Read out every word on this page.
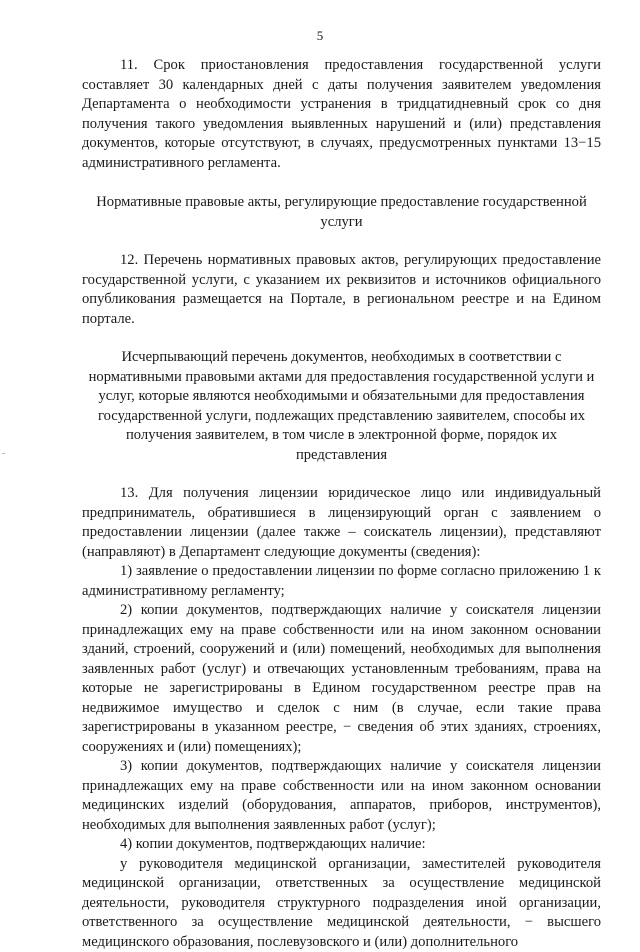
5

11. Срок приостановления предоставления государственной услуги составляет 30 календарных дней с даты получения заявителем уведомления Департамента о необходимости устранения в тридцатидневный срок со дня получения такого уведомления выявленных нарушений и (или) представления документов, которые отсутствуют, в случаях, предусмотренных пунктами 13−15 административного регламента.

Нормативные правовые акты, регулирующие предоставление государственной услуги

12. Перечень нормативных правовых актов, регулирующих предоставление государственной услуги, с указанием их реквизитов и источников официального опубликования размещается на Портале, в региональном реестре и на Едином портале.

Исчерпывающий перечень документов, необходимых в соответствии с нормативными правовыми актами для предоставления государственной услуги и услуг, которые являются необходимыми и обязательными для предоставления государственной услуги, подлежащих представлению заявителем, способы их получения заявителем, в том числе в электронной форме, порядок их представления

13. Для получения лицензии юридическое лицо или индивидуальный предприниматель, обратившиеся в лицензирующий орган с заявлением о предоставлении лицензии (далее также – соискатель лицензии), представляют (направляют) в Департамент следующие документы (сведения):

1) заявление о предоставлении лицензии по форме согласно приложению 1 к административному регламенту;

2) копии документов, подтверждающих наличие у соискателя лицензии принадлежащих ему на праве собственности или на ином законном основании зданий, строений, сооружений и (или) помещений, необходимых для выполнения заявленных работ (услуг) и отвечающих установленным требованиям, права на которые не зарегистрированы в Едином государственном реестре прав на недвижимое имущество и сделок с ним (в случае, если такие права зарегистрированы в указанном реестре, − сведения об этих зданиях, строениях, сооружениях и (или) помещениях);

3) копии документов, подтверждающих наличие у соискателя лицензии принадлежащих ему на праве собственности или на ином законном основании медицинских изделий (оборудования, аппаратов, приборов, инструментов), необходимых для выполнения заявленных работ (услуг);

4) копии документов, подтверждающих наличие:

у руководителя медицинской организации, заместителей руководителя медицинской организации, ответственных за осуществление медицинской деятельности, руководителя структурного подразделения иной организации, ответственного за осуществление медицинской деятельности, − высшего медицинского образования, послевузовского и (или) дополнительного
